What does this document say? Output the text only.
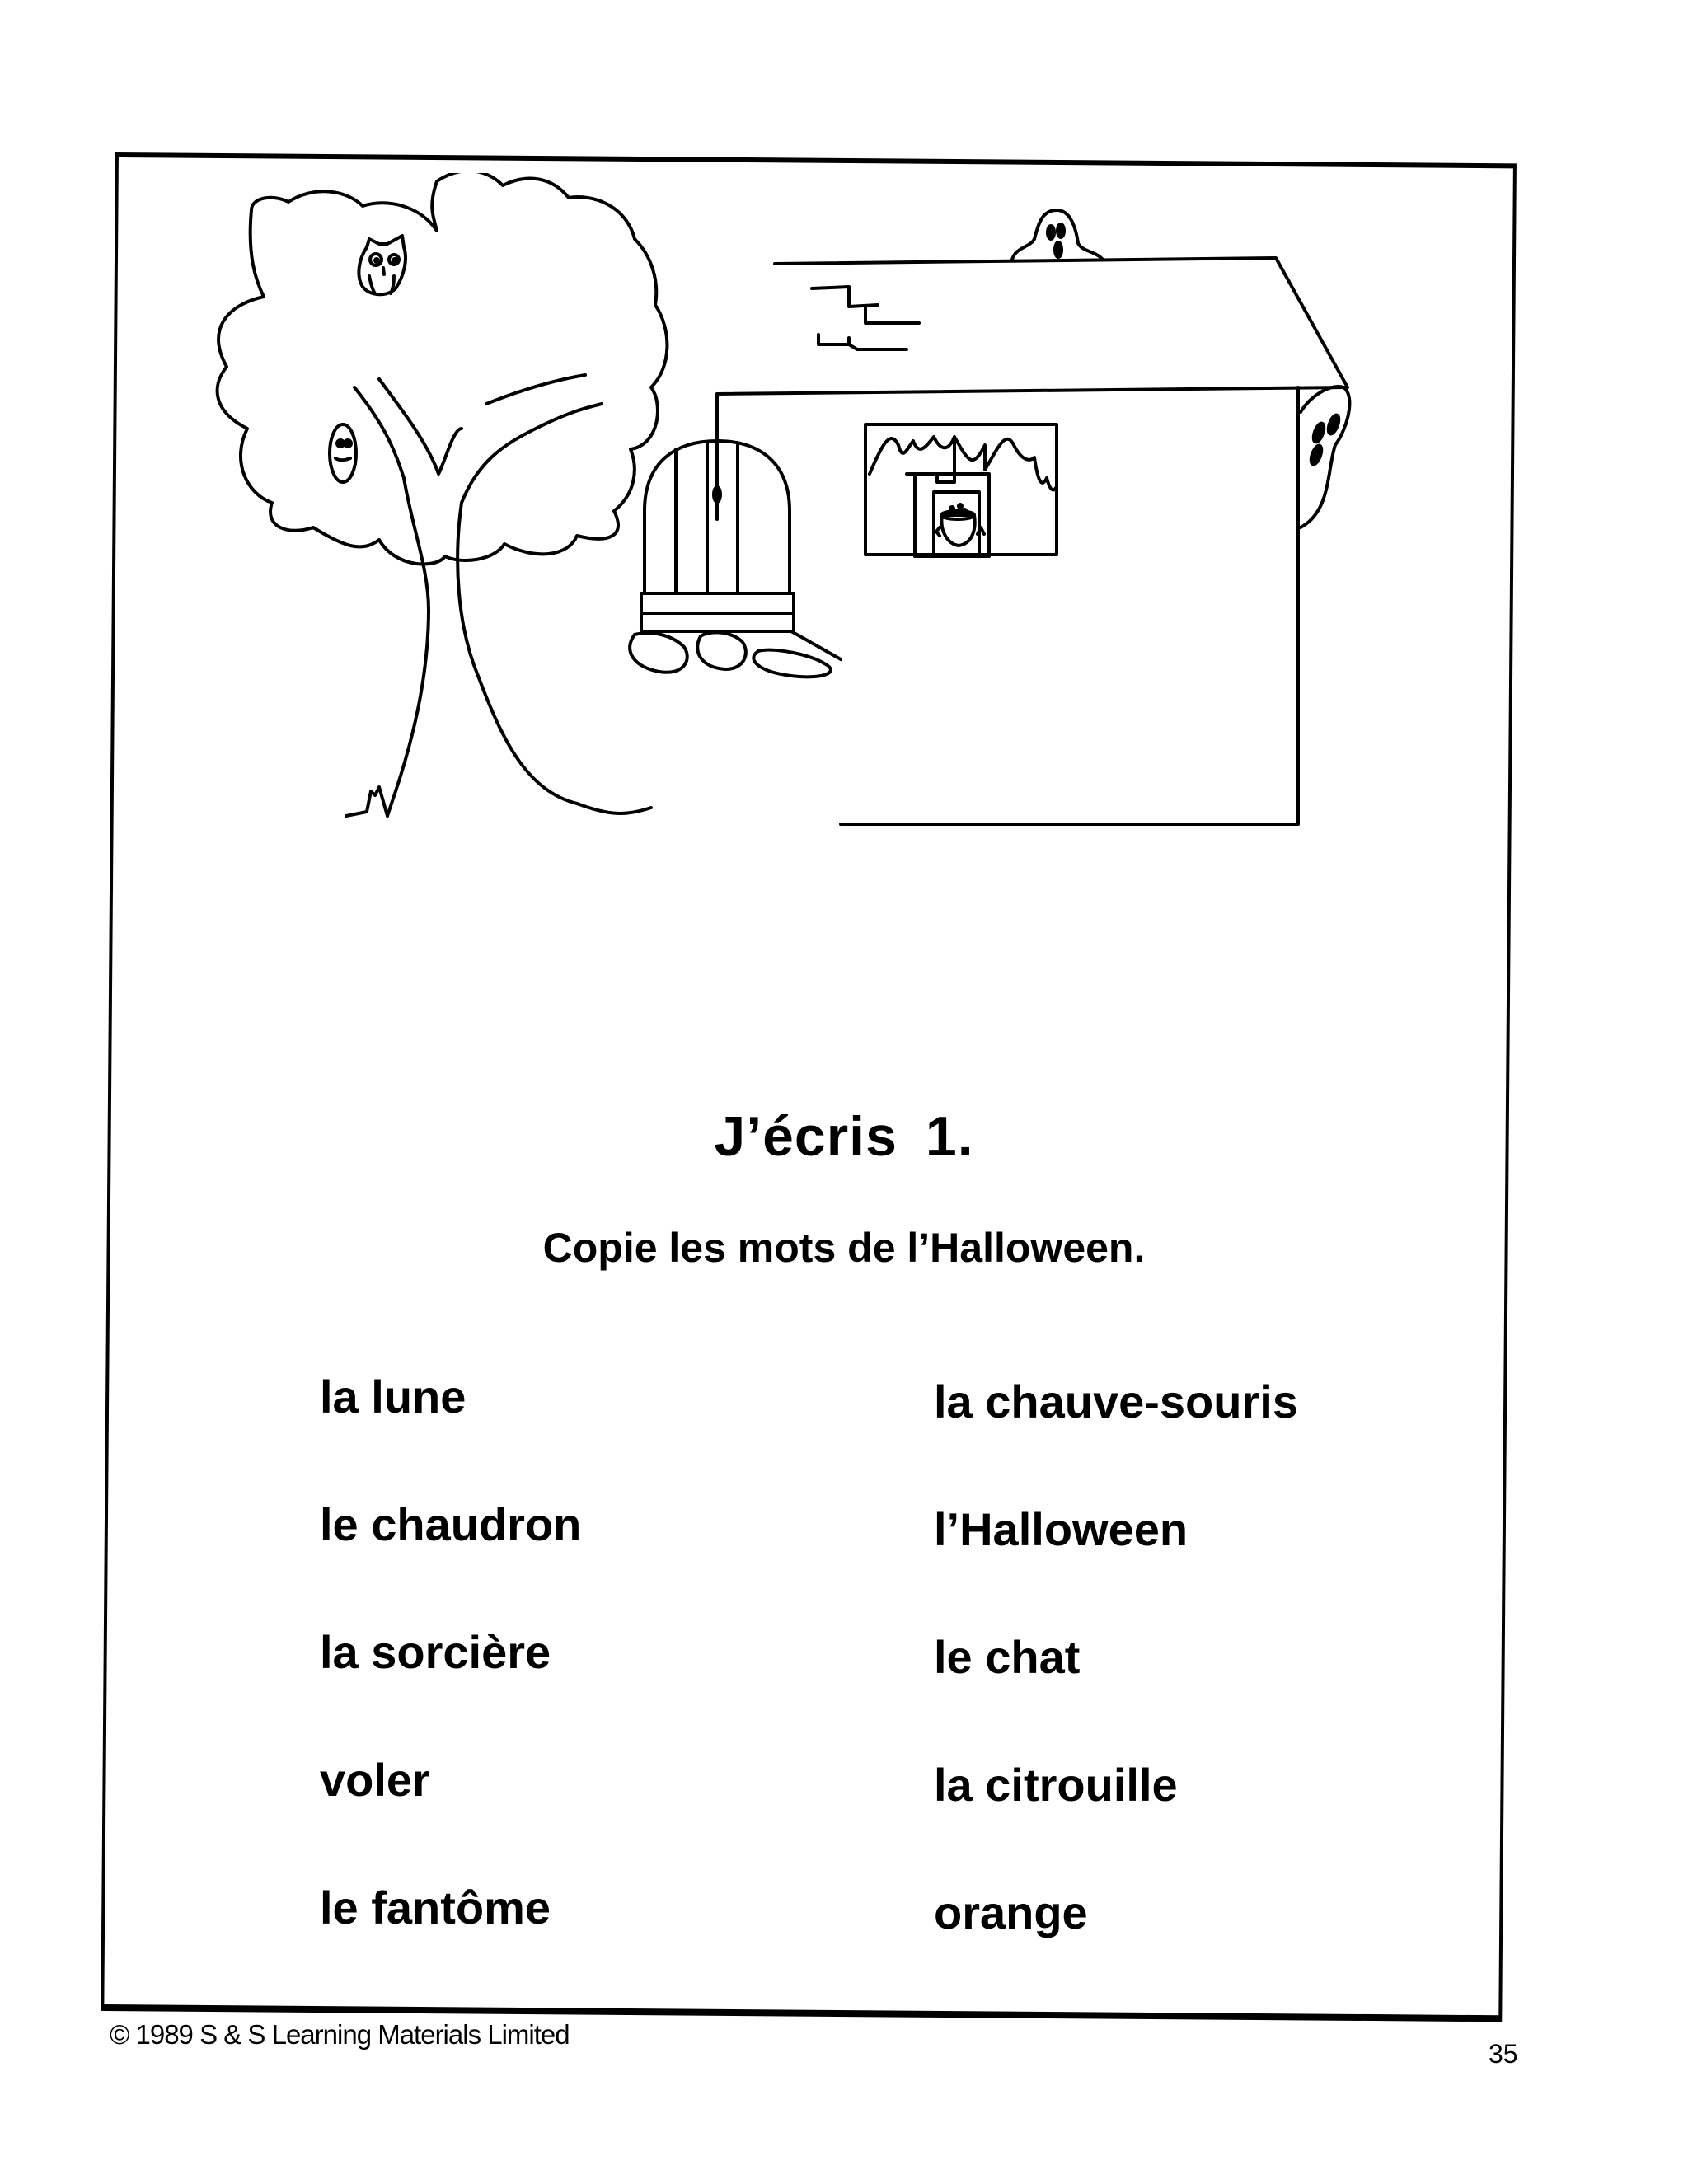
J’écris 1.
Copie les mots de l’Halloween.
la lune
le chaudron
la sorcière
voler
le fantôme
la chauve-souris
l’Halloween
le chat
la citrouille
orange
© 1989 S & S Learning Materials Limited
35
